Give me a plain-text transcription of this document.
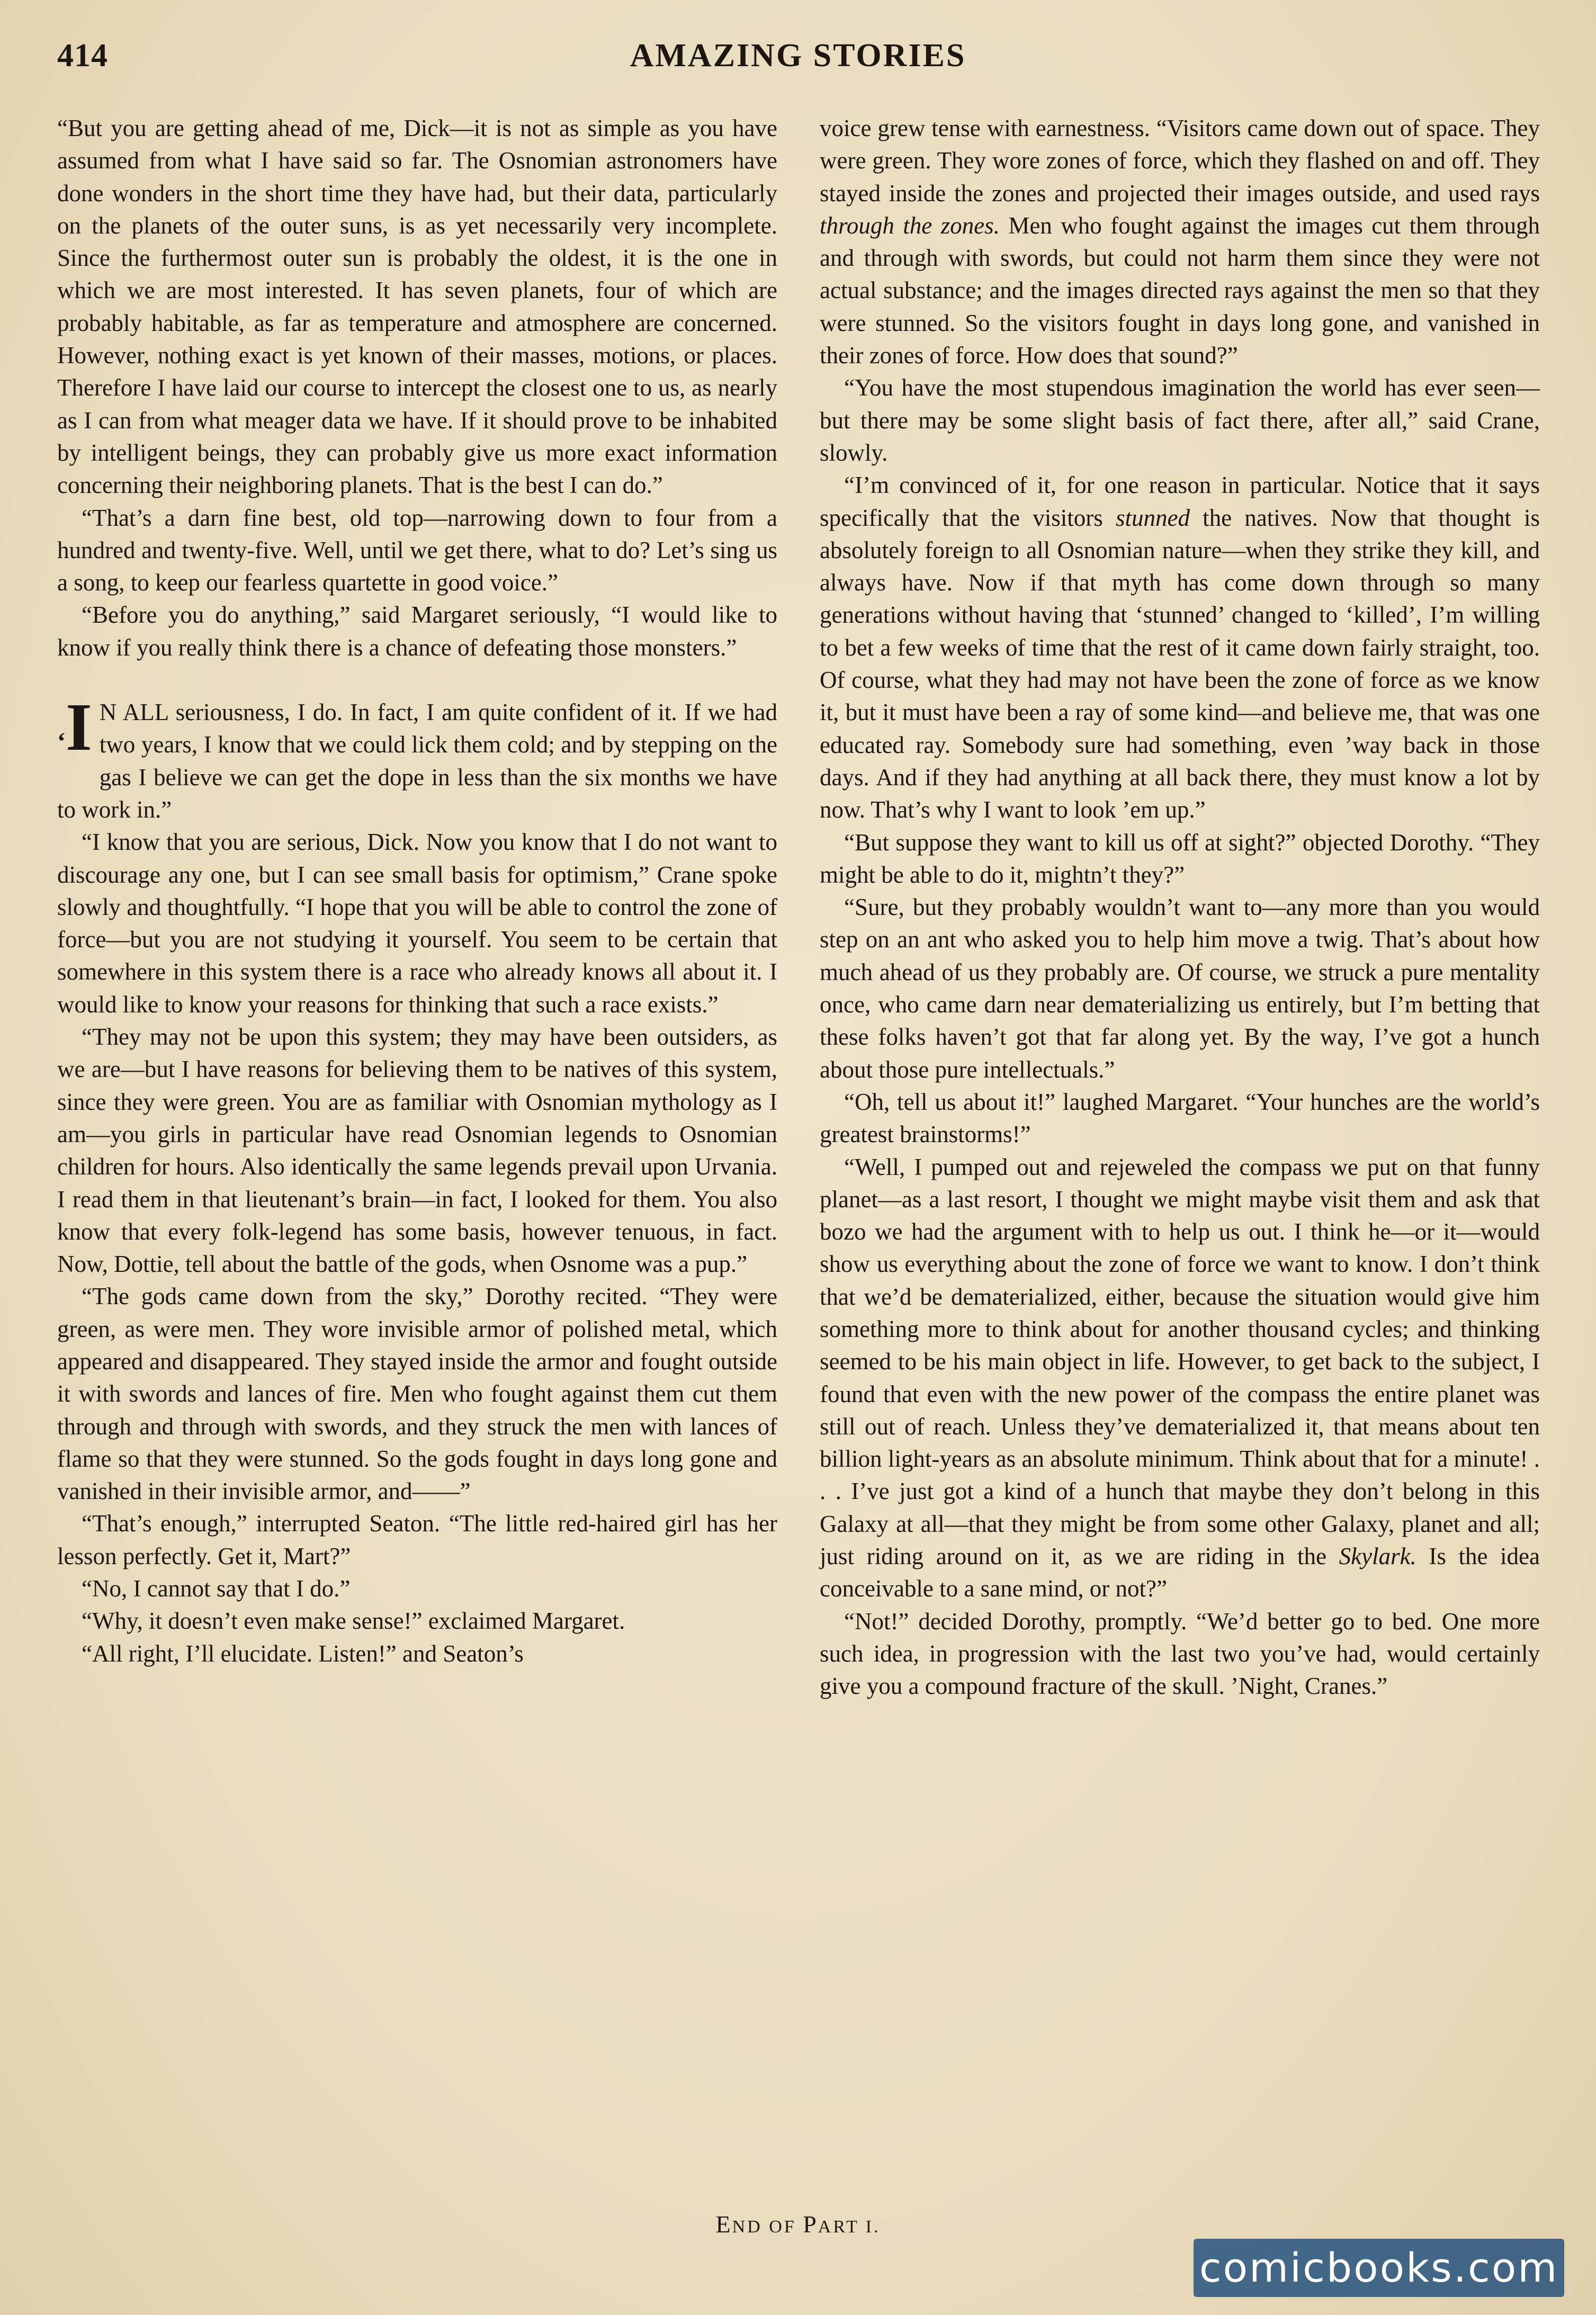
414	AMAZING STORIES

“But you are getting ahead of me, Dick—it is not as simple as you have assumed from what I have said so far. The Osnomian astronomers have done wonders in the short time they have had, but their data, particularly on the planets of the outer suns, is as yet necessarily very incomplete. Since the furthermost outer sun is probably the oldest, it is the one in which we are most interested. It has seven planets, four of which are probably habitable, as far as temperature and atmosphere are concerned. However, nothing exact is yet known of their masses, motions, or places. Therefore I have laid our course to intercept the closest one to us, as nearly as I can from what meager data we have. If it should prove to be inhabited by intelligent beings, they can probably give us more exact information concerning their neighboring planets. That is the best I can do.”

“That’s a darn fine best, old top—narrowing down to four from a hundred and twenty-five. Well, until we get there, what to do? Let’s sing us a song, to keep our fearless quartette in good voice.”

“Before you do anything,” said Margaret seriously, “I would like to know if you really think there is a chance of defeating those monsters.”

‘I N ALL seriousness, I do. In fact, I am quite confident of it. If we had two years, I know that we could lick them cold; and by stepping on the gas I believe we can get the dope in less than the six months we have to work in.”

“I know that you are serious, Dick. Now you know that I do not want to discourage any one, but I can see small basis for optimism,” Crane spoke slowly and thoughtfully. “I hope that you will be able to control the zone of force—but you are not studying it yourself. You seem to be certain that somewhere in this system there is a race who already knows all about it. I would like to know your reasons for thinking that such a race exists.”

“They may not be upon this system; they may have been outsiders, as we are—but I have reasons for believing them to be natives of this system, since they were green. You are as familiar with Osnomian mythology as I am—you girls in particular have read Osnomian legends to Osnomian children for hours. Also identically the same legends prevail upon Urvania. I read them in that lieutenant’s brain—in fact, I looked for them. You also know that every folk-legend has some basis, however tenuous, in fact. Now, Dottie, tell about the battle of the gods, when Osnome was a pup.”

“The gods came down from the sky,” Dorothy recited. “They were green, as were men. They wore invisible armor of polished metal, which appeared and disappeared. They stayed inside the armor and fought outside it with swords and lances of fire. Men who fought against them cut them through and through with swords, and they struck the men with lances of flame so that they were stunned. So the gods fought in days long gone and vanished in their invisible armor, and——”

“That’s enough,” interrupted Seaton. “The little red-haired girl has her lesson perfectly. Get it, Mart?”

“No, I cannot say that I do.”

“Why, it doesn’t even make sense!” exclaimed Margaret.

“All right, I’ll elucidate. Listen!” and Seaton’s

voice grew tense with earnestness. “Visitors came down out of space. They were green. They wore zones of force, which they flashed on and off. They stayed inside the zones and projected their images outside, and used rays through the zones. Men who fought against the images cut them through and through with swords, but could not harm them since they were not actual substance; and the images directed rays against the men so that they were stunned. So the visitors fought in days long gone, and vanished in their zones of force. How does that sound?”

“You have the most stupendous imagination the world has ever seen—but there may be some slight basis of fact there, after all,” said Crane, slowly.

“I’m convinced of it, for one reason in particular. Notice that it says specifically that the visitors stunned the natives. Now that thought is absolutely foreign to all Osnomian nature—when they strike they kill, and always have. Now if that myth has come down through so many generations without having that ‘stunned’ changed to ‘killed’, I’m willing to bet a few weeks of time that the rest of it came down fairly straight, too. Of course, what they had may not have been the zone of force as we know it, but it must have been a ray of some kind—and believe me, that was one educated ray. Somebody sure had something, even ’way back in those days. And if they had anything at all back there, they must know a lot by now. That’s why I want to look ’em up.”

“But suppose they want to kill us off at sight?” objected Dorothy. “They might be able to do it, mightn’t they?”

“Sure, but they probably wouldn’t want to—any more than you would step on an ant who asked you to help him move a twig. That’s about how much ahead of us they probably are. Of course, we struck a pure mentality once, who came darn near dematerializing us entirely, but I’m betting that these folks haven’t got that far along yet. By the way, I’ve got a hunch about those pure intellectuals.”

“Oh, tell us about it!” laughed Margaret. “Your hunches are the world’s greatest brainstorms!”

“Well, I pumped out and rejeweled the compass we put on that funny planet—as a last resort, I thought we might maybe visit them and ask that bozo we had the argument with to help us out. I think he—or it—would show us everything about the zone of force we want to know. I don’t think that we’d be dematerialized, either, because the situation would give him something more to think about for another thousand cycles; and thinking seemed to be his main object in life. However, to get back to the subject, I found that even with the new power of the compass the entire planet was still out of reach. Unless they’ve dematerialized it, that means about ten billion light-years as an absolute minimum. Think about that for a minute! . . . I’ve just got a kind of a hunch that maybe they don’t belong in this Galaxy at all—that they might be from some other Galaxy, planet and all; just riding around on it, as we are riding in the Skylark. Is the idea conceivable to a sane mind, or not?”

“Not!” decided Dorothy, promptly. “We’d better go to bed. One more such idea, in progression with the last two you’ve had, would certainly give you a compound fracture of the skull. ’Night, Cranes.”

END OF PART I.
comicbooks.com
